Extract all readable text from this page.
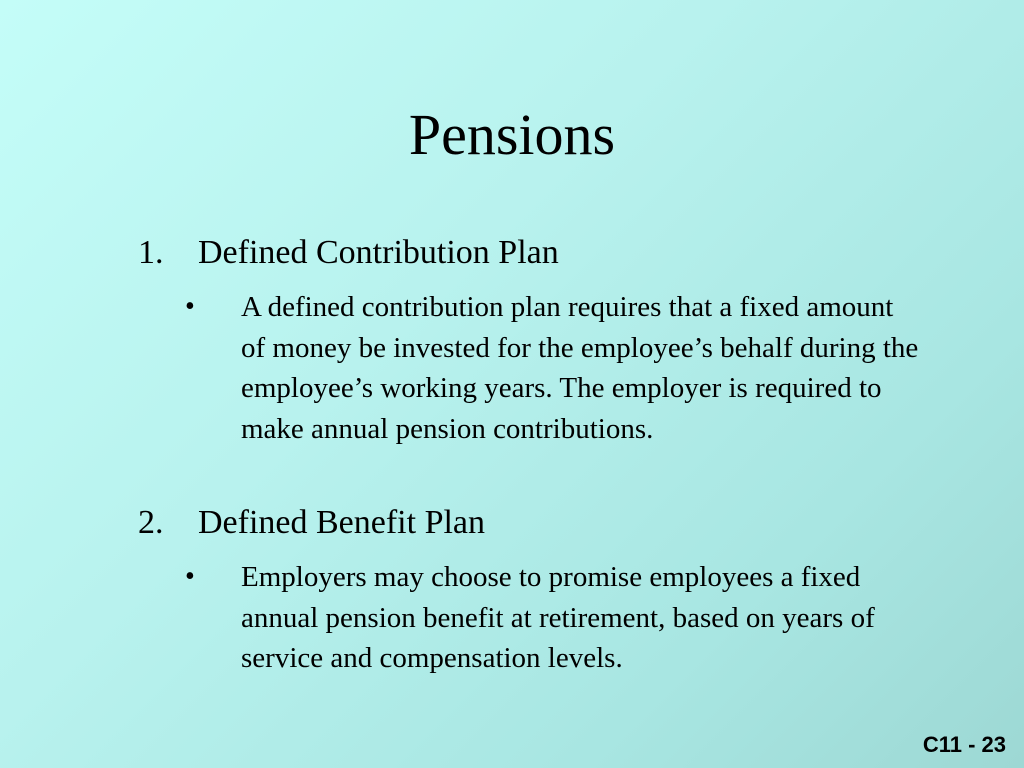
Pensions
1. Defined Contribution Plan
• A defined contribution plan requires that a fixed amount of money be invested for the employee’s behalf during the employee’s working years. The employer is required to make annual pension contributions.
2. Defined Benefit Plan
• Employers may choose to promise employees a fixed annual pension benefit at retirement, based on years of service and compensation levels.
C11 - 23
